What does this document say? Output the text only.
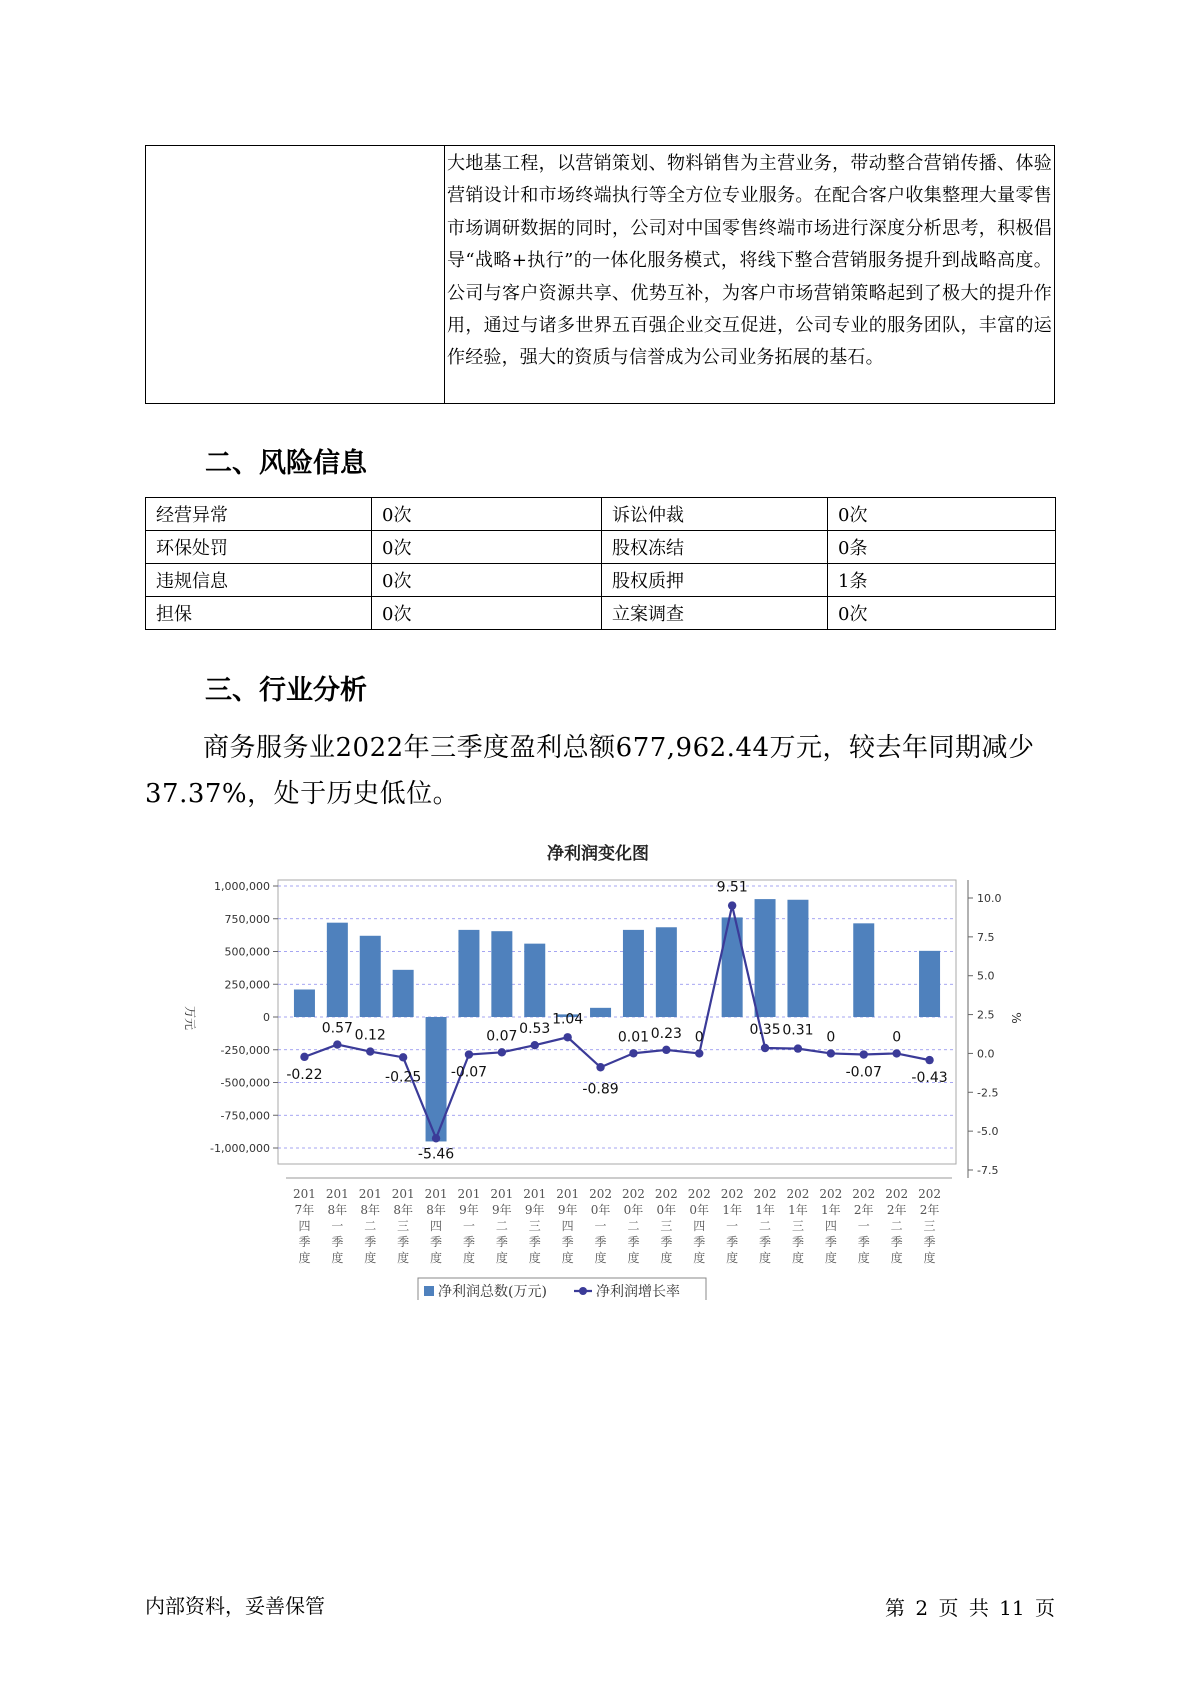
大地基工程，以营销策划、物料销售为主营业务，带动整合营销传播、体验营销设计和市场终端执行等全方位专业服务。在配合客户收集整理大量零售市场调研数据的同时，公司对中国零售终端市场进行深度分析思考，积极倡导“战略+执行”的一体化服务模式，将线下整合营销服务提升到战略高度。公司与客户资源共享、优势互补，为客户市场营销策略起到了极大的提升作用，通过与诸多世界五百强企业交互促进，公司专业的服务团队，丰富的运作经验，强大的资质与信誉成为公司业务拓展的基石。
二、风险信息
经营异常	0次	诉讼仲裁	0次
环保处罚	0次	股权冻结	0条
违规信息	0次	股权质押	1条
担保	0次	立案调查	0次
三、行业分析

商务服务业2022年三季度盈利总额677,962.44万元，较去年同期减少37.37%，处于历史低位。

净利润变化图
1,000,000
750,000
500,000
250,000
0
-250,000
-500,000
-750,000
-1,000,000
10.0
7.5
5.0
2.5
0.0
-2.5
-5.0
-7.5
万元	%
-0.22
0.57 0.12
-0.25
-5.46
-0.07
0.07 0.53
1.04
-0.89
0.01 0.23 0
9.51
0.35 0.31 0
-0.07
0
-0.43
201 7年四季度
201 8年一季度
201 8年二季度
201 8年三季度
201 8年四季度
201 9年一季度
201 9年二季度
201 9年三季度
201 9年四季度
202 0年一季度
202 0年二季度
202 0年三季度
202 0年四季度
202 1年一季度
202 1年二季度
202 1年三季度
202 1年四季度
202 2年一季度
202 2年二季度
202 2年三季度
净利润总数(万元)	净利润增长率
内部资料，妥善保管	第 2 页 共 11 页
